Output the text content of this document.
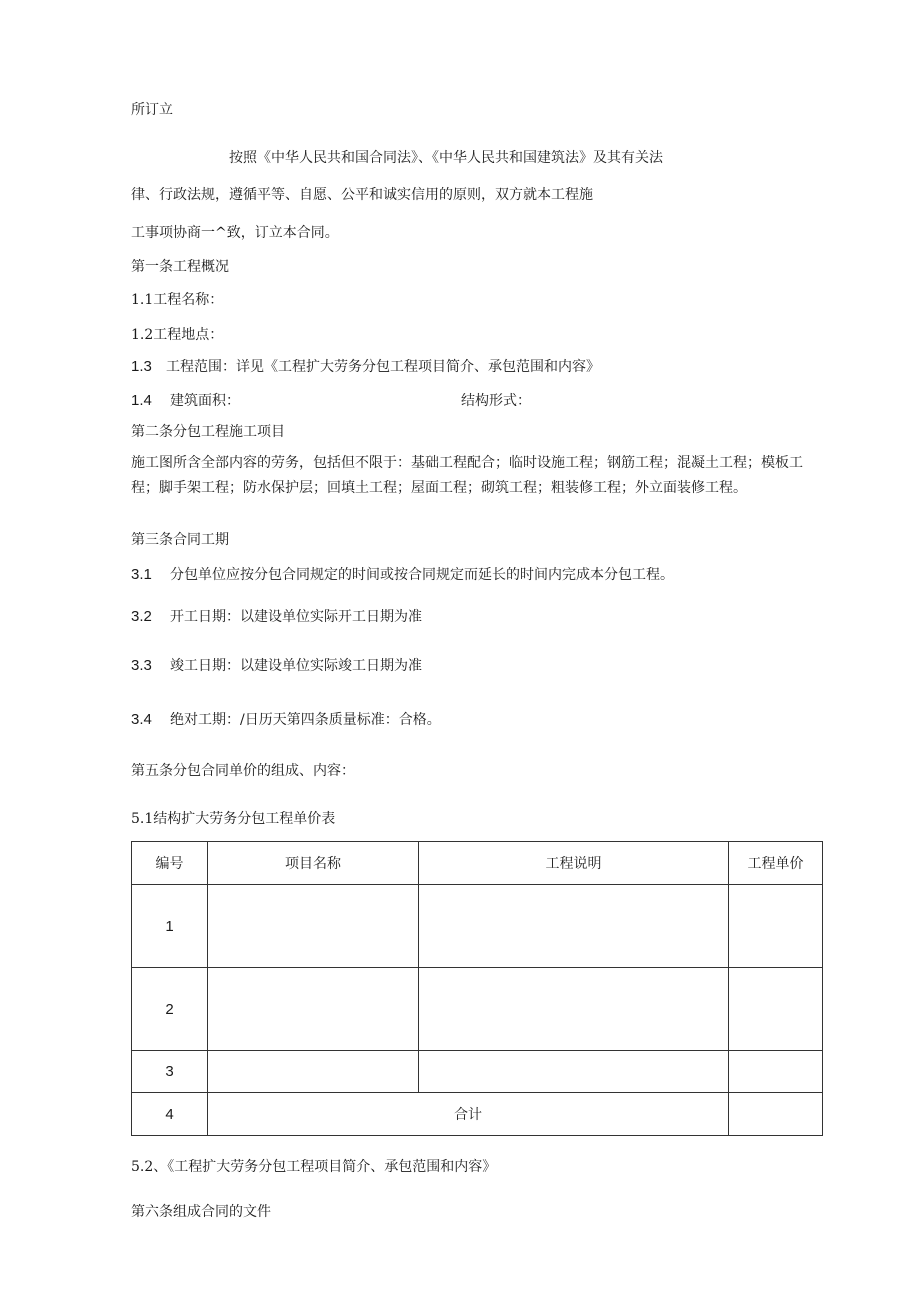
所订立
按照《中华人民共和国合同法》、《中华人民共和国建筑法》及其有关法
律、行政法规，遵循平等、自愿、公平和诚实信用的原则，双方就本工程施
工事项协商一^致，订立本合同。
第一条工程概况
1.1工程名称：
1.2工程地点：
1.3 工程范围：详见《工程扩大劳务分包工程项目简介、承包范围和内容》
1.4 建筑面积：	结构形式：
第二条分包工程施工项目
施工图所含全部内容的劳务，包括但不限于：基础工程配合；临时设施工程；钢筋工程；混凝土工程；模板工程；脚手架工程；防水保护层；回填土工程；屋面工程；砌筑工程；粗装修工程；外立面装修工程。
第三条合同工期
3.1 分包单位应按分包合同规定的时间或按合同规定而延长的时间内完成本分包工程。
3.2 开工日期：以建设单位实际开工日期为准
3.3 竣工日期：以建设单位实际竣工日期为准
3.4 绝对工期：/日历天第四条质量标准：合格。
第五条分包合同单价的组成、内容：
5.1结构扩大劳务分包工程单价表
编号	项目名称	工程说明	工程单价
1			
2			
3			
4	合计		
5.2、《工程扩大劳务分包工程项目简介、承包范围和内容》
第六条组成合同的文件
